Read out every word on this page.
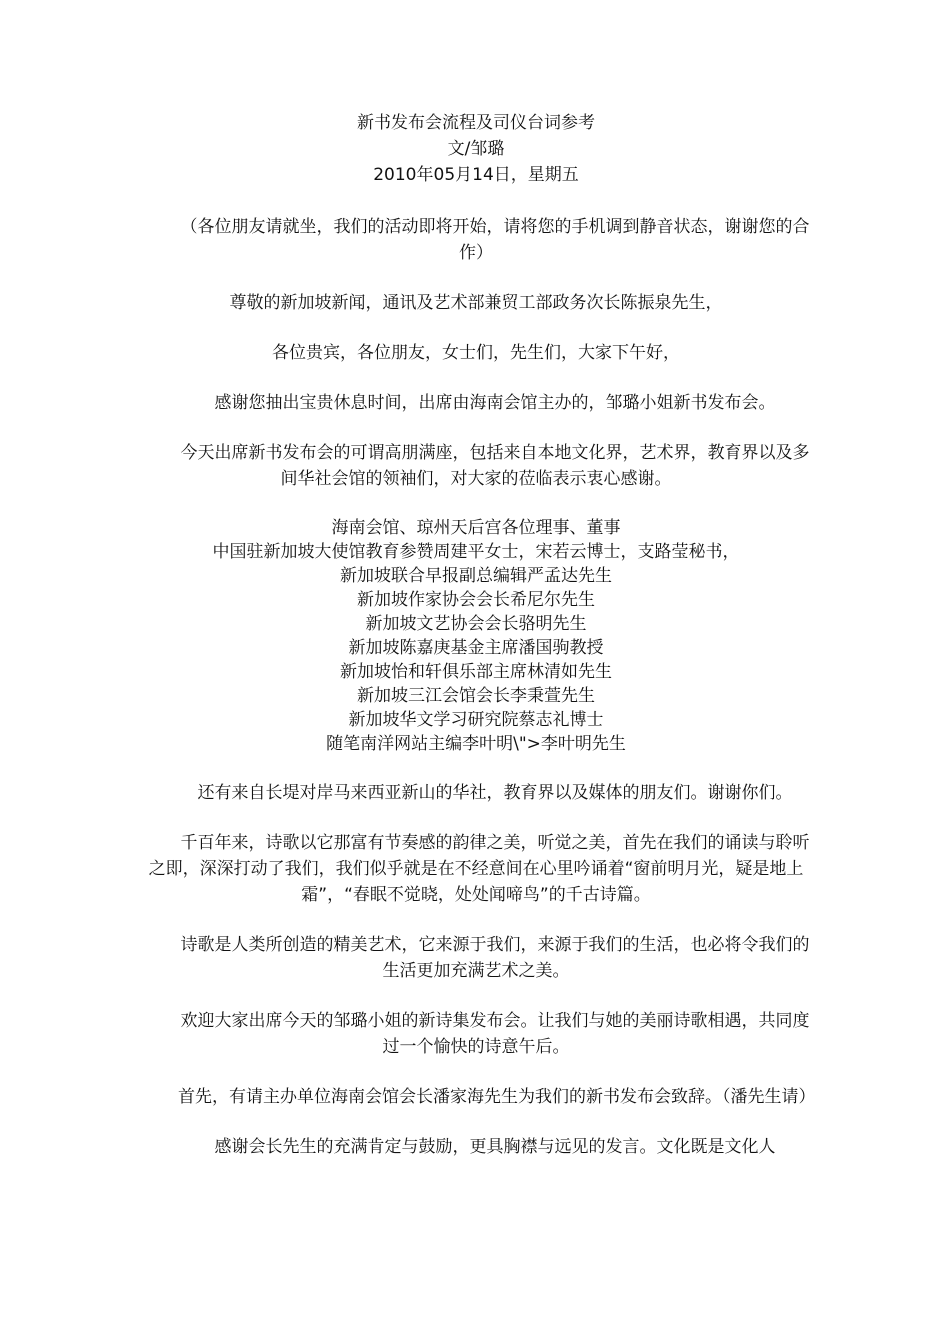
新书发布会流程及司仪台词参考

文/邹璐

2010年05月14日，星期五

（各位朋友请就坐，我们的活动即将开始，请将您的手机调到静音状态，谢谢您的合作）

尊敬的新加坡新闻，通讯及艺术部兼贸工部政务次长陈振泉先生，

各位贵宾，各位朋友，女士们，先生们，大家下午好，

感谢您抽出宝贵休息时间，出席由海南会馆主办的，邹璐小姐新书发布会。

今天出席新书发布会的可谓高朋满座，包括来自本地文化界，艺术界，教育界以及多间华社会馆的领袖们，对大家的莅临表示衷心感谢。

海南会馆、琼州天后宫各位理事、董事

中国驻新加坡大使馆教育参赞周建平女士，宋若云博士，支路莹秘书，

新加坡联合早报副总编辑严孟达先生

新加坡作家协会会长希尼尔先生

新加坡文艺协会会长骆明先生

新加坡陈嘉庚基金主席潘国驹教授

新加坡怡和轩俱乐部主席林清如先生

新加坡三江会馆会长李秉萱先生

新加坡华文学习研究院蔡志礼博士

随笔南洋网站主编李叶明\">李叶明先生

还有来自长堤对岸马来西亚新山的华社，教育界以及媒体的朋友们。谢谢你们。

千百年来，诗歌以它那富有节奏感的韵律之美，听觉之美，首先在我们的诵读与聆听之即，深深打动了我们，我们似乎就是在不经意间在心里吟诵着“窗前明月光，疑是地上霜”，“春眠不觉晓，处处闻啼鸟”的千古诗篇。

诗歌是人类所创造的精美艺术，它来源于我们，来源于我们的生活，也必将令我们的生活更加充满艺术之美。

欢迎大家出席今天的邹璐小姐的新诗集发布会。让我们与她的美丽诗歌相遇，共同度过一个愉快的诗意午后。

首先，有请主办单位海南会馆会长潘家海先生为我们的新书发布会致辞。（潘先生请）

感谢会长先生的充满肯定与鼓励，更具胸襟与远见的发言。文化既是文化人
